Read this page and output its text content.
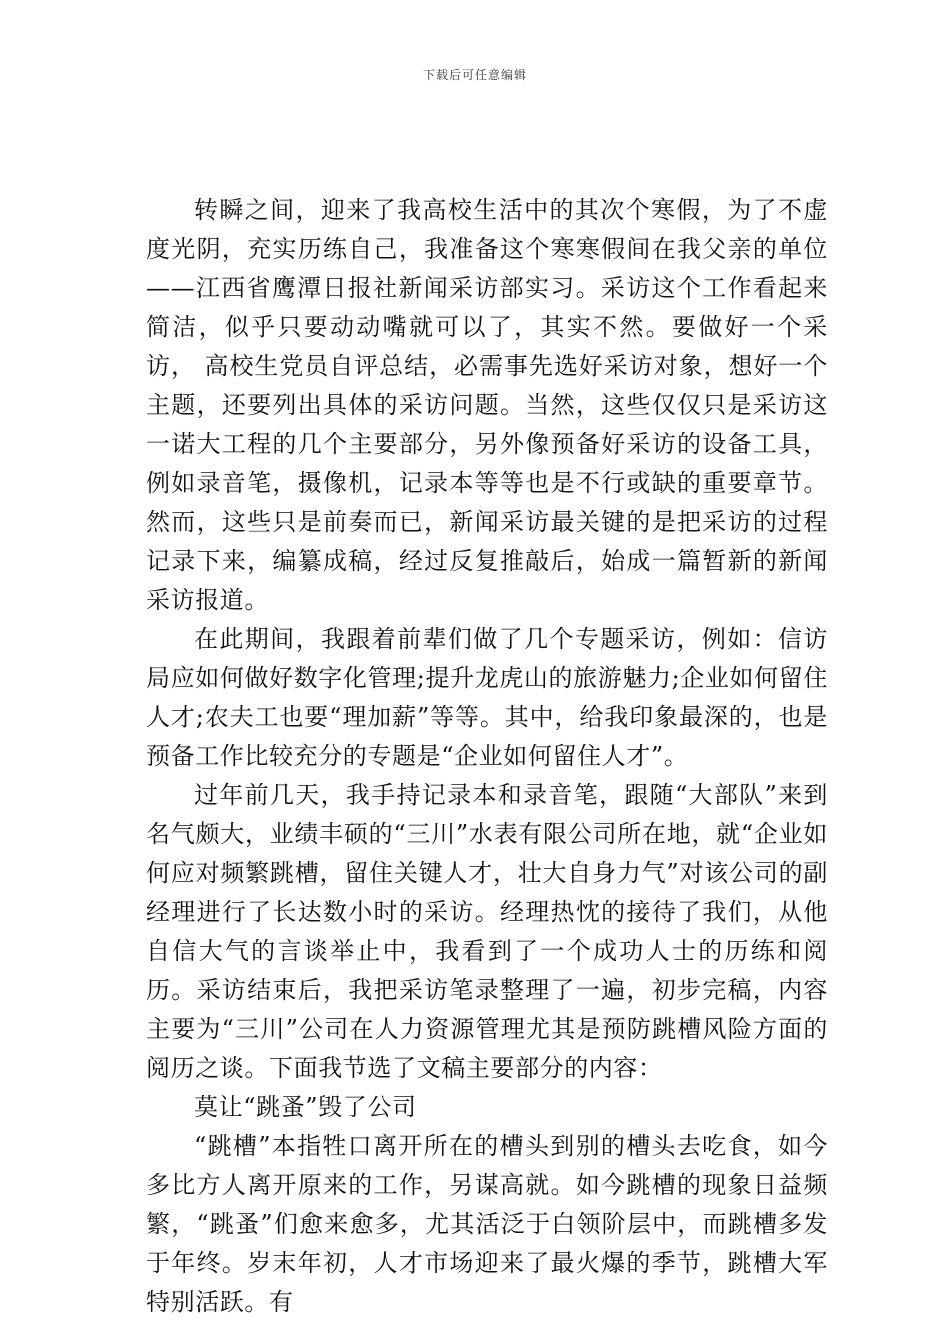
下载后可任意编辑

转瞬之间，迎来了我高校生活中的其次个寒假，为了不虚度光阴，充实历练自己，我准备这个寒寒假间在我父亲的单位——江西省鹰潭日报社新闻采访部实习。采访这个工作看起来简洁，似乎只要动动嘴就可以了，其实不然。要做好一个采访， 高校生党员自评总结，必需事先选好采访对象，想好一个主题，还要列出具体的采访问题。当然，这些仅仅只是采访这一诺大工程的几个主要部分，另外像预备好采访的设备工具，例如录音笔，摄像机，记录本等等也是不行或缺的重要章节。然而，这些只是前奏而已，新闻采访最关键的是把采访的过程记录下来，编纂成稿，经过反复推敲后，始成一篇暂新的新闻采访报道。

在此期间，我跟着前辈们做了几个专题采访，例如：信访局应如何做好数字化管理;提升龙虎山的旅游魅力;企业如何留住人才;农夫工也要“理加薪”等等。其中，给我印象最深的，也是预备工作比较充分的专题是“企业如何留住人才”。

过年前几天，我手持记录本和录音笔，跟随“大部队”来到名气颇大，业绩丰硕的“三川”水表有限公司所在地，就“企业如何应对频繁跳槽，留住关键人才，壮大自身力气”对该公司的副经理进行了长达数小时的采访。经理热忱的接待了我们，从他自信大气的言谈举止中，我看到了一个成功人士的历练和阅历。采访结束后，我把采访笔录整理了一遍，初步完稿，内容主要为“三川”公司在人力资源管理尤其是预防跳槽风险方面的阅历之谈。下面我节选了文稿主要部分的内容：

莫让“跳蚤”毁了公司

“跳槽”本指牲口离开所在的槽头到别的槽头去吃食，如今多比方人离开原来的工作，另谋高就。如今跳槽的现象日益频繁，“跳蚤”们愈来愈多，尤其活泛于白领阶层中，而跳槽多发于年终。岁末年初，人才市场迎来了最火爆的季节，跳槽大军特别活跃。有
